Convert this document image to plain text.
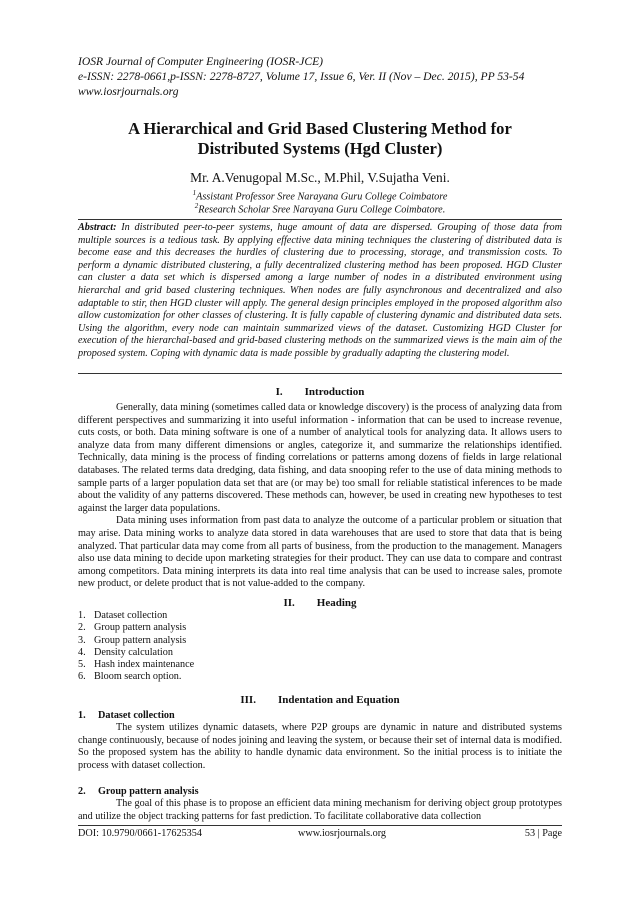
IOSR Journal of Computer Engineering (IOSR-JCE)
e-ISSN: 2278-0661,p-ISSN: 2278-8727, Volume 17, Issue 6, Ver. II (Nov – Dec. 2015), PP 53-54
www.iosrjournals.org
A Hierarchical and Grid Based Clustering Method for
Distributed Systems (Hgd Cluster)
Mr. A.Venugopal M.Sc., M.Phil, V.Sujatha Veni.
$^1$Assistant Professor Sree Narayana Guru College Coimbatore
$^2$Research Scholar Sree Narayana Guru College Coimbatore.
Abstract: In distributed peer-to-peer systems, huge amount of data are dispersed. Grouping of those data from multiple sources is a tedious task. By applying effective data mining techniques the clustering of distributed data is become ease and this decreases the hurdles of clustering due to processing, storage, and transmission costs. To perform a dynamic distributed clustering, a fully decentralized clustering method has been proposed. HGD Cluster can cluster a data set which is dispersed among a large number of nodes in a distributed environment using hierarchal and grid based clustering techniques. When nodes are fully asynchronous and decentralized and also adaptable to stir, then HGD cluster will apply. The general design principles employed in the proposed algorithm also allow customization for other classes of clustering. It is fully capable of clustering dynamic and distributed data sets. Using the algorithm, every node can maintain summarized views of the dataset. Customizing HGD Cluster for execution of the hierarchal-based and grid-based clustering methods on the summarized views is the main aim of the proposed system. Coping with dynamic data is made possible by gradually adapting the clustering model.
I. Introduction

Generally, data mining (sometimes called data or knowledge discovery) is the process of analyzing data from different perspectives and summarizing it into useful information - information that can be used to increase revenue, cuts costs, or both. Data mining software is one of a number of analytical tools for analyzing data. It allows users to analyze data from many different dimensions or angles, categorize it, and summarize the relationships identified. Technically, data mining is the process of finding correlations or patterns among dozens of fields in large relational databases. The related terms data dredging, data fishing, and data snooping refer to the use of data mining methods to sample parts of a larger population data set that are (or may be) too small for reliable statistical inferences to be made about the validity of any patterns discovered. These methods can, however, be used in creating new hypotheses to test against the larger data populations.

Data mining uses information from past data to analyze the outcome of a particular problem or situation that may arise. Data mining works to analyze data stored in data warehouses that are used to store that data that is being analyzed. That particular data may come from all parts of business, from the production to the management. Managers also use data mining to decide upon marketing strategies for their product. They can use data to compare and contrast among competitors. Data mining interprets its data into real time analysis that can be used to increase sales, promote new product, or delete product that is not value-added to the company.

II. Heading
1. Dataset collection
2. Group pattern analysis
3. Group pattern analysis
4. Density calculation
5. Hash index maintenance
6. Bloom search option.
III. Indentation and Equation
1. Dataset collection

The system utilizes dynamic datasets, where P2P groups are dynamic in nature and distributed systems change continuously, because of nodes joining and leaving the system, or because their set of internal data is modified. So the proposed system has the ability to handle dynamic data environment. So the initial process is to initiate the process with dataset collection.

2. Group pattern analysis

The goal of this phase is to propose an efficient data mining mechanism for deriving object group prototypes and utilize the object tracking patterns for fast prediction. To facilitate collaborative data collection

DOI: 10.9790/0661-17625354	www.iosrjournals.org	53 | Page
